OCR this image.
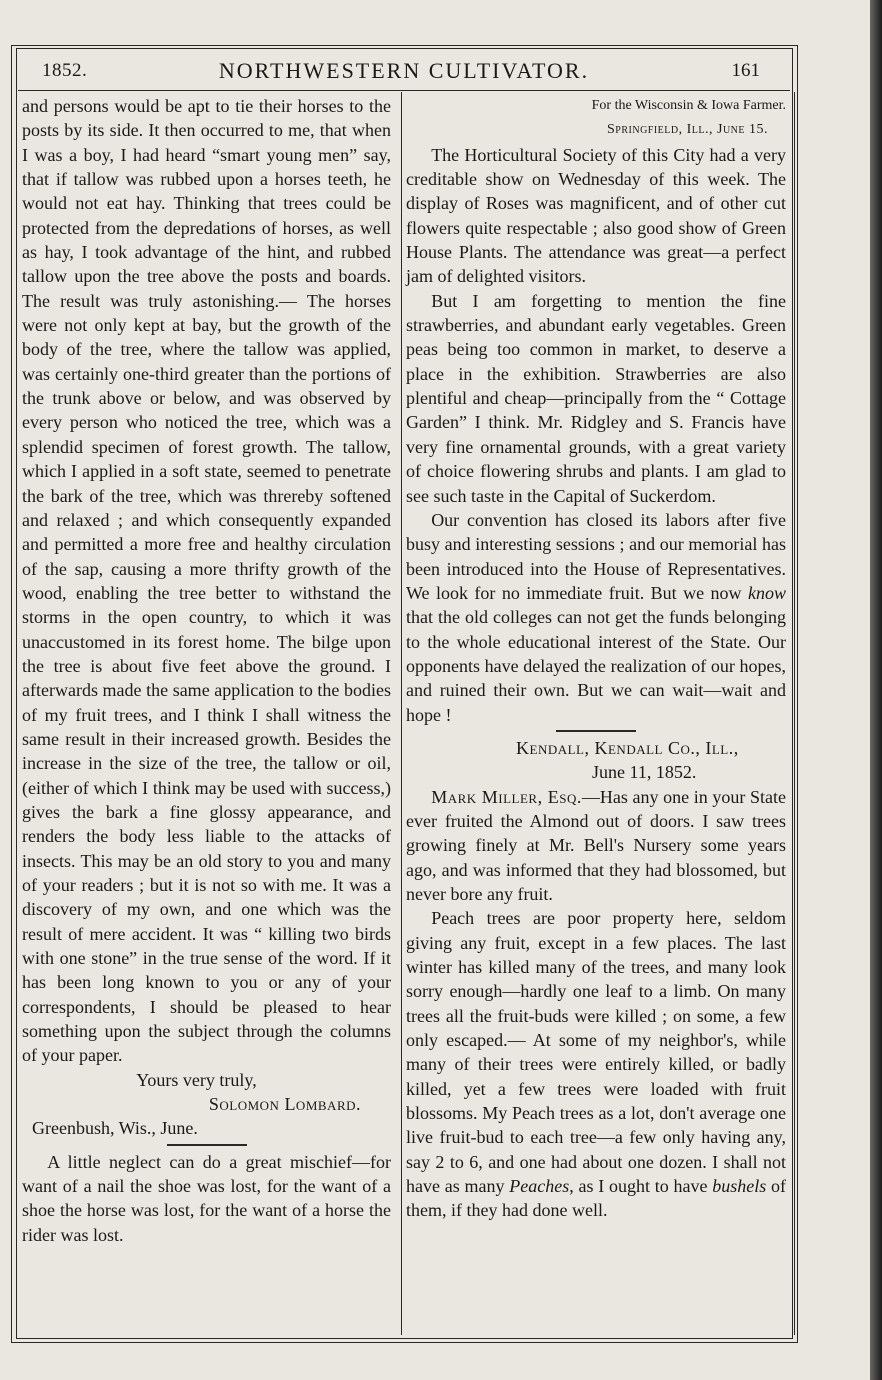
1852.	NORTHWESTERN CULTIVATOR.	161

and persons would be apt to tie their horses to the posts by its side. It then occurred to me, that when I was a boy, I had heard “smart young men” say, that if tallow was rubbed upon a horses teeth, he would not eat hay. Thinking that trees could be protected from the depredations of horses, as well as hay, I took advantage of the hint, and rubbed tallow upon the tree above the posts and boards. The result was truly astonishing.— The horses were not only kept at bay, but the growth of the body of the tree, where the tallow was applied, was certainly one-third greater than the portions of the trunk above or below, and was observed by every person who noticed the tree, which was a splendid specimen of forest growth. The tallow, which I applied in a soft state, seemed to penetrate the bark of the tree, which was threreby softened and relaxed ; and which consequently expanded and permitted a more free and healthy circulation of the sap, causing a more thrifty growth of the wood, enabling the tree better to withstand the storms in the open country, to which it was unaccustomed in its forest home. The bilge upon the tree is about five feet above the ground. I afterwards made the same application to the bodies of my fruit trees, and I think I shall witness the same result in their increased growth. Besides the increase in the size of the tree, the tallow or oil, (either of which I think may be used with success,) gives the bark a fine glossy appearance, and renders the body less liable to the attacks of insects. This may be an old story to you and many of your readers ; but it is not so with me. It was a discovery of my own, and one which was the result of mere accident. It was “ killing two birds with one stone” in the true sense of the word. If it has been long known to you or any of your correspondents, I should be pleased to hear something upon the subject through the columns of your paper.

Yours very truly,

Solomon Lombard.

Greenbush, Wis., June.

A little neglect can do a great mischief—for want of a nail the shoe was lost, for the want of a shoe the horse was lost, for the want of a horse the rider was lost.

For the Wisconsin & Iowa Farmer.

Springfield, Ill., June 15.

The Horticultural Society of this City had a very creditable show on Wednesday of this week. The display of Roses was magnificent, and of other cut flowers quite respectable ; also good show of Green House Plants. The attendance was great—a perfect jam of delighted visitors.

But I am forgetting to mention the fine strawberries, and abundant early vegetables. Green peas being too common in market, to deserve a place in the exhibition. Strawberries are also plentiful and cheap—principally from the “ Cottage Garden” I think. Mr. Ridgley and S. Francis have very fine ornamental grounds, with a great variety of choice flowering shrubs and plants. I am glad to see such taste in the Capital of Suckerdom.

Our convention has closed its labors after five busy and interesting sessions ; and our memorial has been introduced into the House of Representatives. We look for no immediate fruit. But we now know that the old colleges can not get the funds belonging to the whole educational interest of the State. Our opponents have delayed the realization of our hopes, and ruined their own. But we can wait—wait and hope !

Kendall, Kendall Co., Ill.,

June 11, 1852.

Mark Miller, Esq.—Has any one in your State ever fruited the Almond out of doors. I saw trees growing finely at Mr. Bell's Nursery some years ago, and was informed that they had blossomed, but never bore any fruit.

Peach trees are poor property here, seldom giving any fruit, except in a few places. The last winter has killed many of the trees, and many look sorry enough—hardly one leaf to a limb. On many trees all the fruit-buds were killed ; on some, a few only escaped.— At some of my neighbor's, while many of their trees were entirely killed, or badly killed, yet a few trees were loaded with fruit blossoms. My Peach trees as a lot, don't average one live fruit-bud to each tree—a few only having any, say 2 to 6, and one had about one dozen. I shall not have as many Peaches, as I ought to have bushels of them, if they had done well.
